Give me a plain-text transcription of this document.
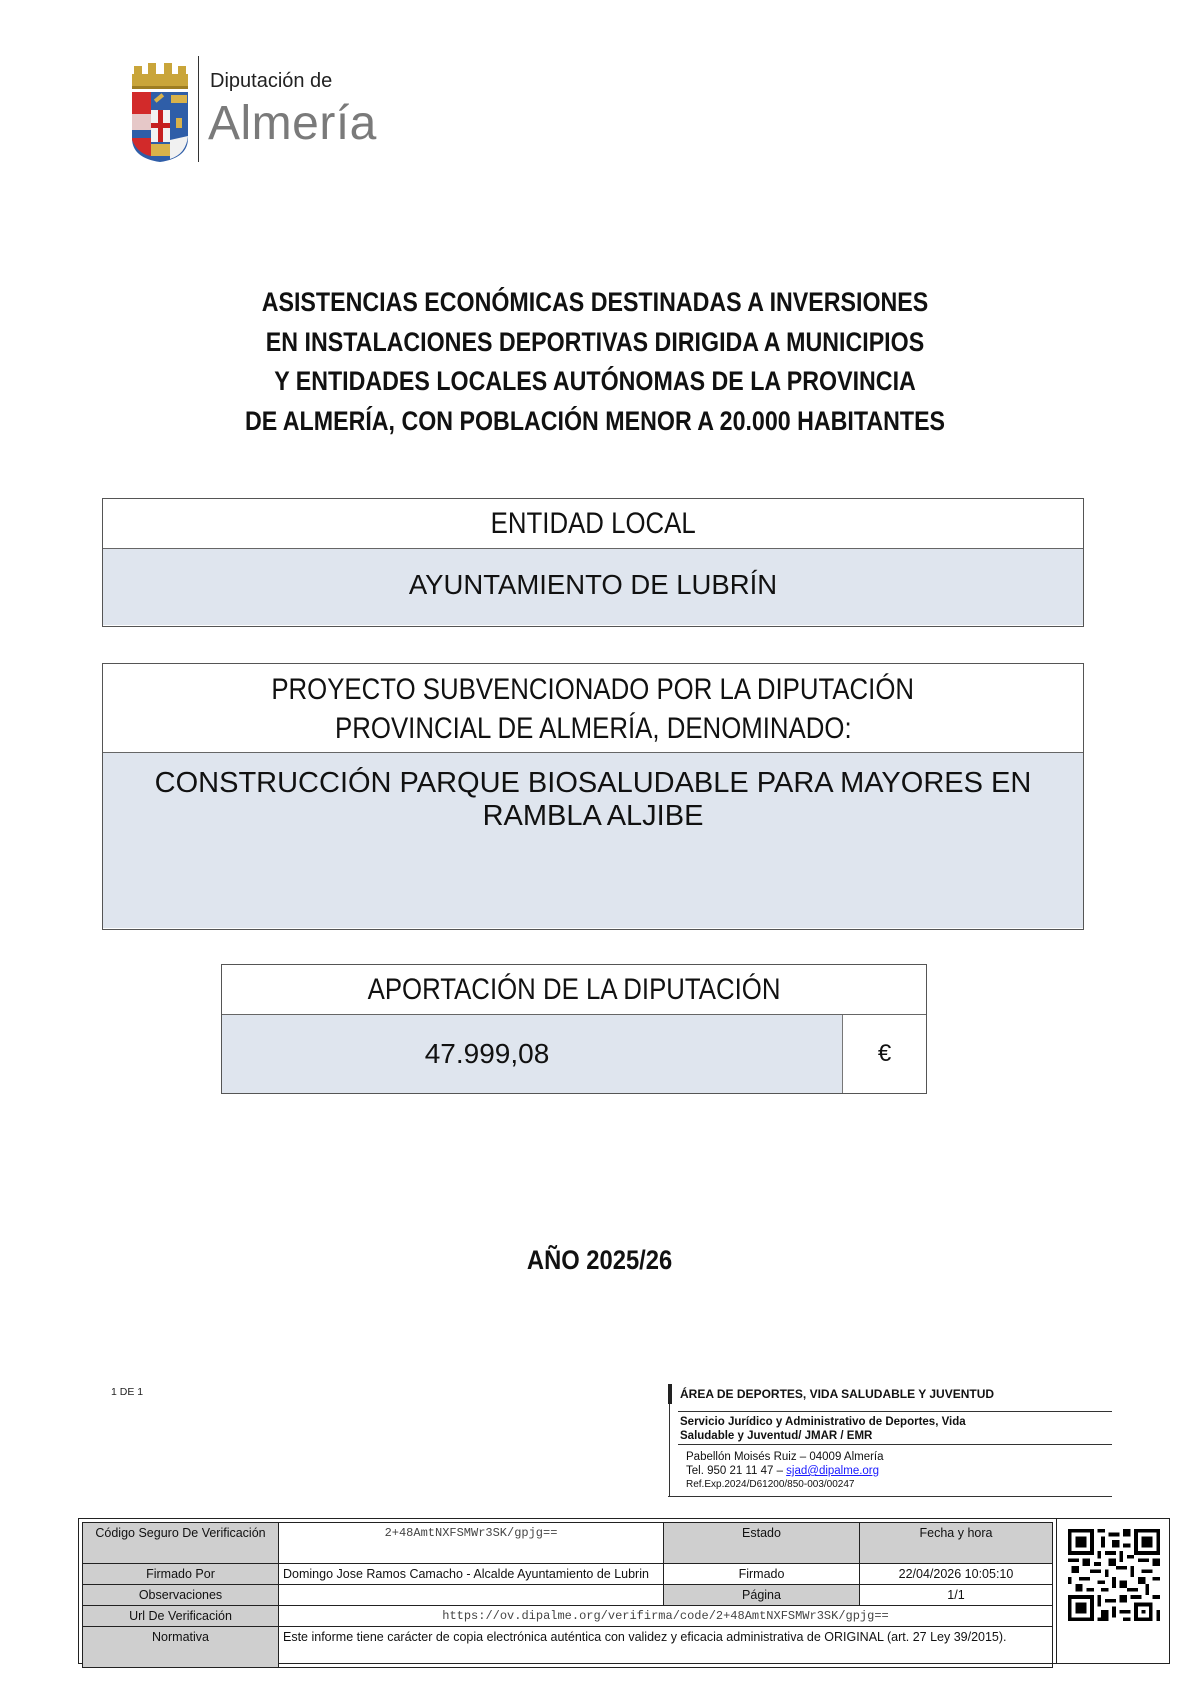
Diputación de
Almería
ASISTENCIAS ECONÓMICAS DESTINADAS A INVERSIONES
EN INSTALACIONES DEPORTIVAS DIRIGIDA A MUNICIPIOS
Y ENTIDADES LOCALES AUTÓNOMAS DE LA PROVINCIA
DE ALMERÍA, CON POBLACIÓN MENOR A 20.000 HABITANTES
ENTIDAD LOCAL
AYUNTAMIENTO DE LUBRÍN
PROYECTO SUBVENCIONADO POR LA DIPUTACIÓN
PROVINCIAL DE ALMERÍA, DENOMINADO:
CONSTRUCCIÓN PARQUE BIOSALUDABLE PARA MAYORES EN
RAMBLA ALJIBE
APORTACIÓN DE LA DIPUTACIÓN
47.999,08	€
AÑO 2025/26
1 DE 1	ÁREA DE DEPORTES, VIDA SALUDABLE Y JUVENTUD
Servicio Jurídico y Administrativo de Deportes, Vida
Saludable y Juventud/ JMAR / EMR
Pabellón Moisés Ruiz – 04009 Almería
Tel. 950 21 11 47 – sjad@dipalme.org
Ref.Exp.2024/D61200/850-003/00247
Código Seguro De Verificación	2+48AmtNXFSMWr3SK/gpjg==	Estado	Fecha y hora
Firmado Por	Domingo Jose Ramos Camacho - Alcalde Ayuntamiento de Lubrin	Firmado	22/04/2026 10:05:10
Observaciones		Página	1/1
Url De Verificación	https://ov.dipalme.org/verifirma/code/2+48AmtNXFSMWr3SK/gpjg==		
Normativa	Este informe tiene carácter de copia electrónica auténtica con validez y eficacia administrativa de ORIGINAL (art. 27 Ley 39/2015).		
